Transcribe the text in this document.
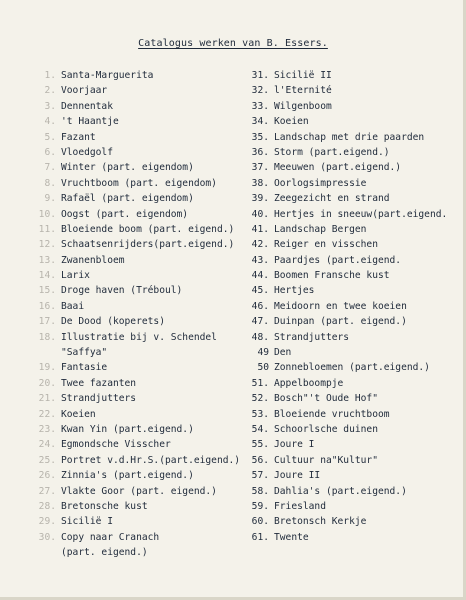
Catalogus werken van B. Essers.
1. Santa-Marguerita
2. Voorjaar
3. Dennentak
4. 't Haantje
5. Fazant
6. Vloedgolf
7. Winter (part. eigendom)
8. Vruchtboom (part. eigendom)
9. Rafaël (part. eigendom)
10. Oogst (part. eigendom)
11. Bloeiende boom (part. eigend.)
12. Schaatsenrijders(part.eigend.)
13. Zwanenbloem
14. Larix
15. Droge haven (Tréboul)
16. Baai
17. De Dood (koperets)
18. Illustratie bij v. Schendel
"Saffya"
19. Fantasie
20. Twee fazanten
21. Strandjutters
22. Koeien
23. Kwan Yin (part.eigend.)
24. Egmondsche Visscher
25. Portret v.d.Hr.S.(part.eigend.)
26. Zinnia's (part.eigend.)
27. Vlakte Goor (part. eigend.)
28. Bretonsche kust
29. Sicilië I
30. Copy naar Cranach
(part. eigend.)
31. Sicilië II
32. l'Eternité
33. Wilgenboom
34. Koeien
35. Landschap met drie paarden
36. Storm (part.eigend.)
37. Meeuwen (part.eigend.)
38. Oorlogsimpressie
39. Zeegezicht en strand
40. Hertjes in sneeuw(part.eigend.
41. Landschap Bergen
42. Reiger en visschen
43. Paardjes (part.eigend.
44. Boomen Fransche kust
45. Hertjes
46. Meidoorn en twee koeien
47. Duinpan (part. eigend.)
48. Strandjutters
49 Den
50 Zonnebloemen (part.eigend.)
51. Appelboompje
52. Bosch"'t Oude Hof"
53. Bloeiende vruchtboom
54. Schoorlsche duinen
55. Joure I
56. Cultuur na"Kultur"
57. Joure II
58. Dahlia's (part.eigend.)
59. Friesland
60. Bretonsch Kerkje
61. Twente
